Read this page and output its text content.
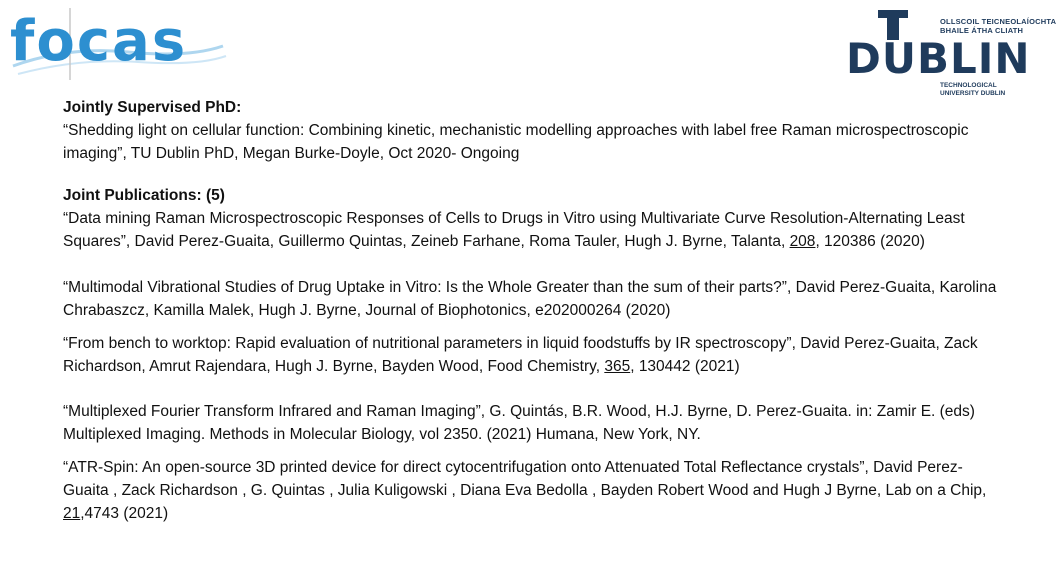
focas	OLLSCOIL TEICNEOLAÍOCHTA
BHAILE ÁTHA CLIATH
DUBLIN
TECHNOLOGICAL
UNIVERSITY DUBLIN
Jointly Supervised PhD:

“Shedding light on cellular function: Combining kinetic, mechanistic modelling approaches with label free Raman microspectroscopic imaging”, TU Dublin PhD, Megan Burke-Doyle, Oct 2020- Ongoing

Joint Publications: (5)

“Data mining Raman Microspectroscopic Responses of Cells to Drugs in Vitro using Multivariate Curve Resolution-Alternating Least Squares”, David Perez-Guaita, Guillermo Quintas, Zeineb Farhane, Roma Tauler, Hugh J. Byrne, Talanta, 208, 120386 (2020)

“Multimodal Vibrational Studies of Drug Uptake in Vitro: Is the Whole Greater than the sum of their parts?”, David Perez-Guaita, Karolina Chrabaszcz, Kamilla Malek, Hugh J. Byrne, Journal of Biophotonics, e202000264 (2020)

“From bench to worktop: Rapid evaluation of nutritional parameters in liquid foodstuffs by IR spectroscopy”, David Perez-Guaita, Zack Richardson, Amrut Rajendara, Hugh J. Byrne, Bayden Wood, Food Chemistry, 365, 130442 (2021)

“Multiplexed Fourier Transform Infrared and Raman Imaging”, G. Quintás, B.R. Wood, H.J. Byrne, D. Perez-Guaita. in: Zamir E. (eds) Multiplexed Imaging. Methods in Molecular Biology, vol 2350. (2021) Humana, New York, NY.

“ATR-Spin: An open-source 3D printed device for direct cytocentrifugation onto Attenuated Total Reflectance crystals”, David Perez-Guaita , Zack Richardson , G. Quintas , Julia Kuligowski , Diana Eva Bedolla , Bayden Robert Wood and Hugh J Byrne, Lab on a Chip, 21,4743 (2021)
